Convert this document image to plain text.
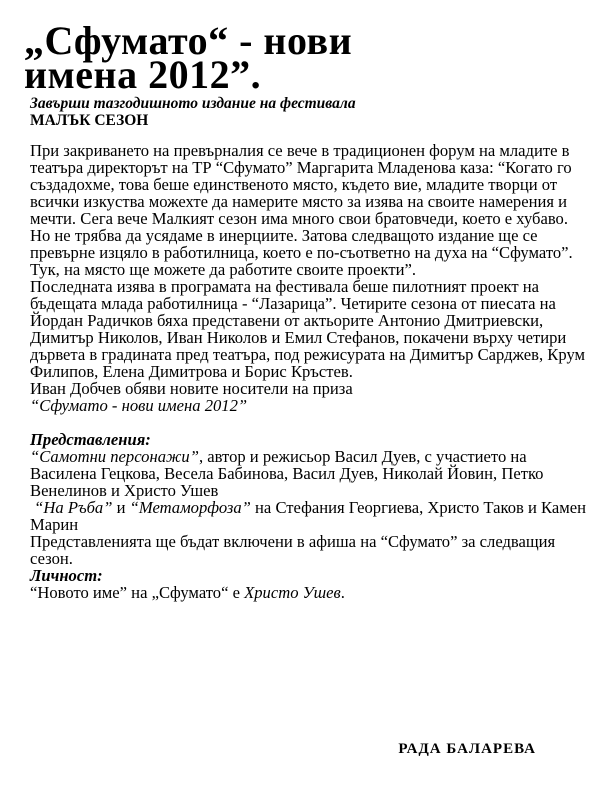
„Сфумато“ - нови
имена 2012”.
Завърши тазгодишното издание на фестивала
МАЛЪК СЕЗОН

При закриването на превърналия се вече в традиционен форум на младите в театъра директорът на ТР “Сфумато” Маргарита Младенова каза: “Когато го създадохме, това беше единственото място, където вие, младите творци от всички изкуства можехте да намерите място за изява на своите намерения и мечти. Сега вече Малкият сезон има много свои братовчеди, което е хубаво. Но не трябва да усядаме в инерциите. Затова следващото издание ще се превърне изцяло в работилница, което е по-съответно на духа на “Сфумато”. Тук, на място ще можете да работите своите проекти”.

Последната изява в програмата на фестивала беше пилотният проект на бъдещата млада работилница - “Лазарица”. Четирите сезона от пиесата на Йордан Радичков бяха представени от актьорите Антонио Дмитриевски, Димитър Николов, Иван Николов и Емил Стефанов, покачени върху четири дървета в градината пред театъра, под режисурата на Димитър Сарджев, Крум Филипов, Елена Димитрова и Борис Кръстев.

Иван Добчев обяви новите носители на приза
“Сфумато - нови имена 2012”

Представления:
“Самотни персонажи”, автор и режисьор Васил Дуев, с участието на Василена Гецкова, Весела Бабинова, Васил Дуев, Николай Йовин, Петко Венелинов и Христо Ушев
“На Ръба” и “Метаморфоза” на Стефания Георгиева, Христо Таков и Камен Марин
Представленията ще бъдат включени в афиша на “Сфумато” за следващия сезон.
Личност:
“Новото име” на „Сфумато“ е Христо Ушев.

РАДА БАЛАРЕВА
